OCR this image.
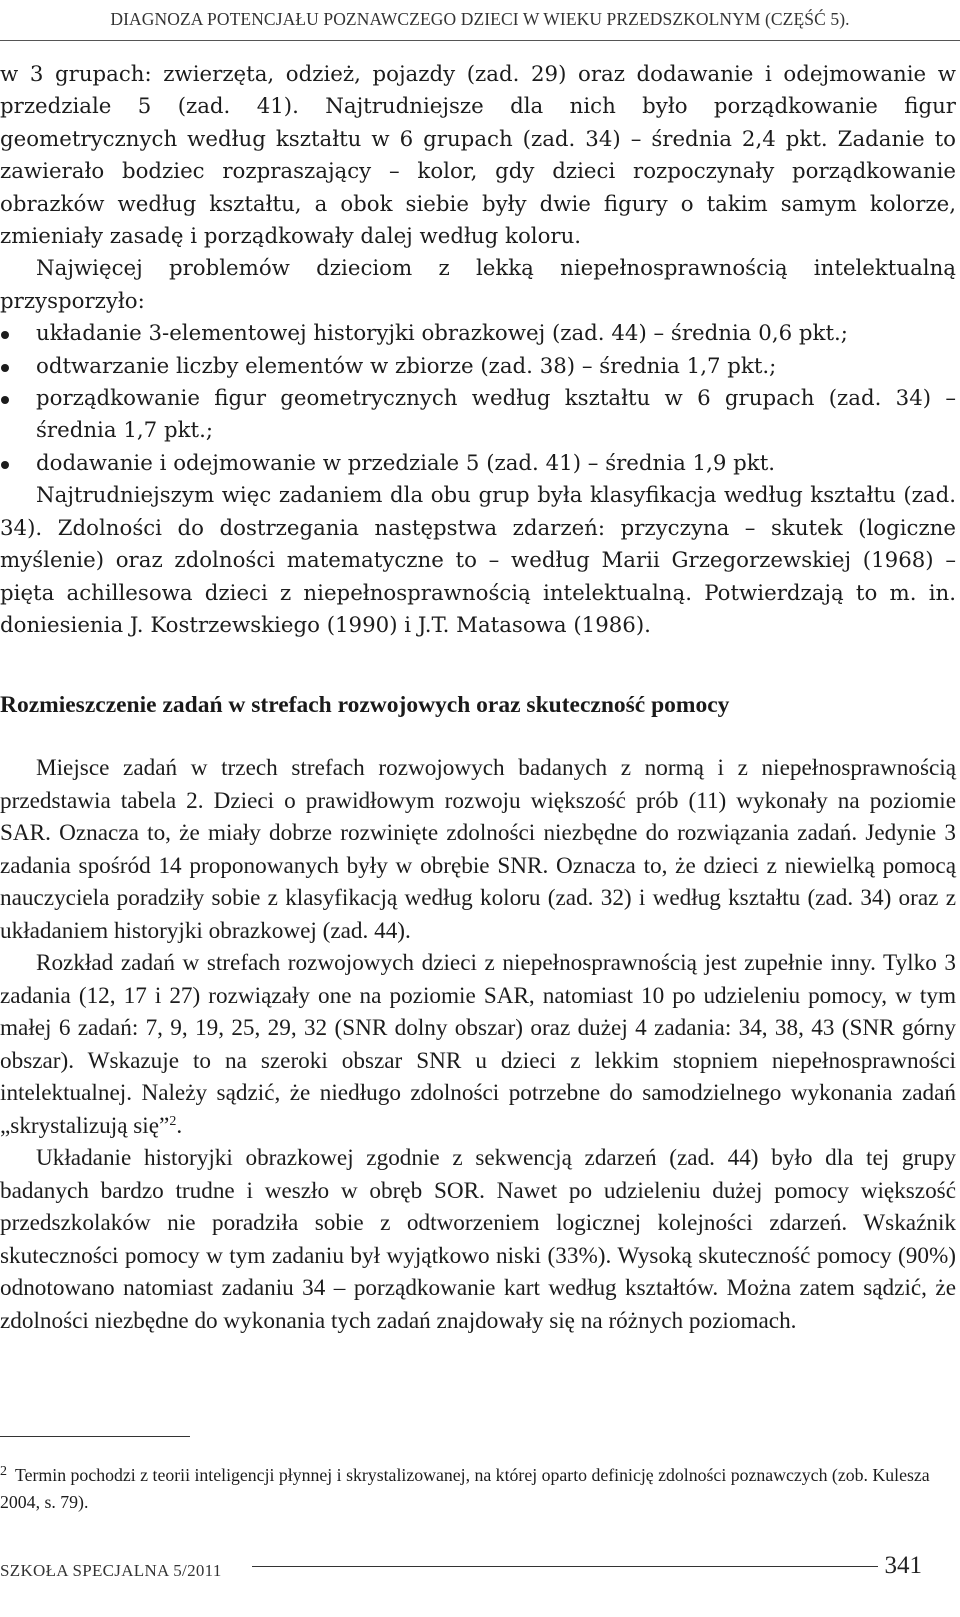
DIAGNOZA POTENCJAŁU POZNAWCZEGO DZIECI W WIEKU PRZEDSZKOLNYM (CZĘŚĆ 5).

w 3 grupach: zwierzęta, odzież, pojazdy (zad. 29) oraz dodawanie i odejmowanie w przedziale 5 (zad. 41). Najtrudniejsze dla nich było porządkowanie figur geometrycznych według kształtu w 6 grupach (zad. 34) – średnia 2,4 pkt. Zadanie to zawierało bodziec rozpraszający – kolor, gdy dzieci rozpoczynały porządkowanie obrazków według kształtu, a obok siebie były dwie figury o takim samym kolorze, zmieniały zasadę i porządkowały dalej według koloru.

Najwięcej problemów dzieciom z lekką niepełnosprawnością intelektualną przysporzyło:

układanie 3-elementowej historyjki obrazkowej (zad. 44) – średnia 0,6 pkt.;
odtwarzanie liczby elementów w zbiorze (zad. 38) – średnia 1,7 pkt.;
porządkowanie figur geometrycznych według kształtu w 6 grupach (zad. 34) – średnia 1,7 pkt.;
dodawanie i odejmowanie w przedziale 5 (zad. 41) – średnia 1,9 pkt.

Najtrudniejszym więc zadaniem dla obu grup była klasyfikacja według kształtu (zad. 34). Zdolności do dostrzegania następstwa zdarzeń: przyczyna – skutek (logiczne myślenie) oraz zdolności matematyczne to – według Marii Grzegorzewskiej (1968) – pięta achillesowa dzieci z niepełnosprawnością intelektualną. Potwierdzają to m. in. doniesienia J. Kostrzewskiego (1990) i J.T. Matasowa (1986).

Rozmieszczenie zadań w strefach rozwojowych oraz skuteczność pomocy

Miejsce zadań w trzech strefach rozwojowych badanych z normą i z niepełnosprawnością przedstawia tabela 2. Dzieci o prawidłowym rozwoju większość prób (11) wykonały na poziomie SAR. Oznacza to, że miały dobrze rozwinięte zdolności niezbędne do rozwiązania zadań. Jedynie 3 zadania spośród 14 proponowanych były w obrębie SNR. Oznacza to, że dzieci z niewielką pomocą nauczyciela poradziły sobie z klasyfikacją według koloru (zad. 32) i według kształtu (zad. 34) oraz z układaniem historyjki obrazkowej (zad. 44).

Rozkład zadań w strefach rozwojowych dzieci z niepełnosprawnością jest zupełnie inny. Tylko 3 zadania (12, 17 i 27) rozwiązały one na poziomie SAR, natomiast 10 po udzieleniu pomocy, w tym małej 6 zadań: 7, 9, 19, 25, 29, 32 (SNR dolny obszar) oraz dużej 4 zadania: 34, 38, 43 (SNR górny obszar). Wskazuje to na szeroki obszar SNR u dzieci z lekkim stopniem niepełnosprawności intelektualnej. Należy sądzić, że niedługo zdolności potrzebne do samodzielnego wykonania zadań „skrystalizują się”$^2$.

Układanie historyjki obrazkowej zgodnie z sekwencją zdarzeń (zad. 44) było dla tej grupy badanych bardzo trudne i weszło w obręb SOR. Nawet po udzieleniu dużej pomocy większość przedszkolaków nie poradziła sobie z odtworzeniem logicznej kolejności zdarzeń. Wskaźnik skuteczności pomocy w tym zadaniu był wyjątkowo niski (33%). Wysoką skuteczność pomocy (90%) odnotowano natomiast zadaniu 34 – porządkowanie kart według kształtów. Można zatem sądzić, że zdolności niezbędne do wykonania tych zadań znajdowały się na różnych poziomach.

$^2$ Termin pochodzi z teorii inteligencji płynnej i skrystalizowanej, na której oparto definicję zdolności poznawczych (zob. Kulesza 2004, s. 79).
SZKOŁA SPECJALNA 5/2011	341
